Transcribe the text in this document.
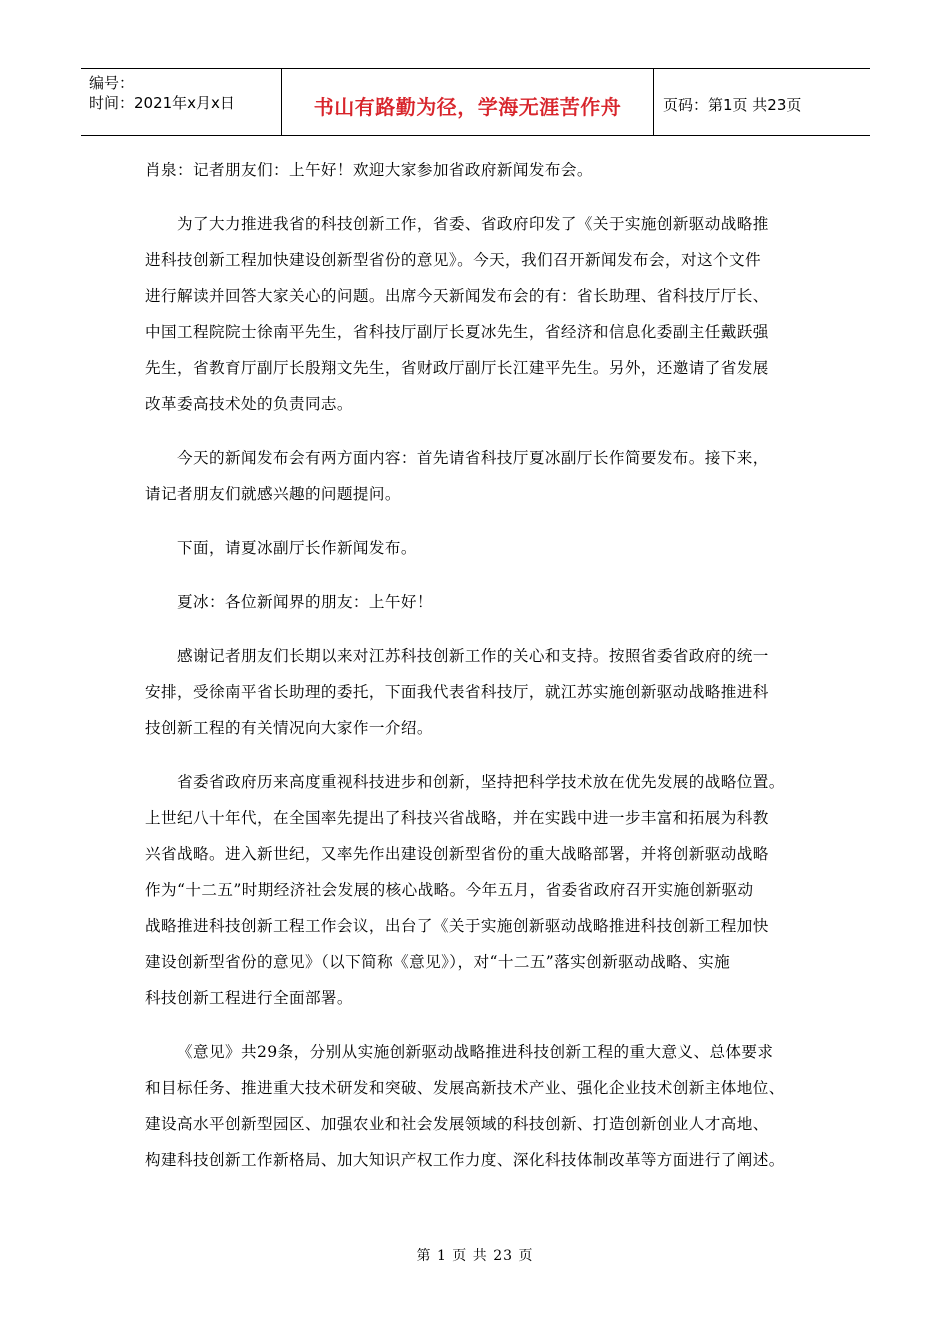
编号：
时间：2021年x月x日	书山有路勤为径，学海无涯苦作舟	页码：第1页 共23页

肖泉：记者朋友们：上午好！欢迎大家参加省政府新闻发布会。

为了大力推进我省的科技创新工作，省委、省政府印发了《关于实施创新驱动战略推
进科技创新工程加快建设创新型省份的意见》。今天，我们召开新闻发布会，对这个文件
进行解读并回答大家关心的问题。出席今天新闻发布会的有：省长助理、省科技厅厅长、
中国工程院院士徐南平先生，省科技厅副厅长夏冰先生，省经济和信息化委副主任戴跃强
先生，省教育厅副厅长殷翔文先生，省财政厅副厅长江建平先生。另外，还邀请了省发展
改革委高技术处的负责同志。

今天的新闻发布会有两方面内容：首先请省科技厅夏冰副厅长作简要发布。接下来，
请记者朋友们就感兴趣的问题提问。

下面，请夏冰副厅长作新闻发布。

夏冰：各位新闻界的朋友：上午好！

感谢记者朋友们长期以来对江苏科技创新工作的关心和支持。按照省委省政府的统一
安排，受徐南平省长助理的委托，下面我代表省科技厅，就江苏实施创新驱动战略推进科
技创新工程的有关情况向大家作一介绍。

省委省政府历来高度重视科技进步和创新，坚持把科学技术放在优先发展的战略位置。
上世纪八十年代，在全国率先提出了科技兴省战略，并在实践中进一步丰富和拓展为科教
兴省战略。进入新世纪，又率先作出建设创新型省份的重大战略部署，并将创新驱动战略
作为“十二五”时期经济社会发展的核心战略。今年五月，省委省政府召开实施创新驱动
战略推进科技创新工程工作会议，出台了《关于实施创新驱动战略推进科技创新工程加快
建设创新型省份的意见》（以下简称《意见》），对“十二五”落实创新驱动战略、实施
科技创新工程进行全面部署。

《意见》共29条，分别从实施创新驱动战略推进科技创新工程的重大意义、总体要求
和目标任务、推进重大技术研发和突破、发展高新技术产业、强化企业技术创新主体地位、
建设高水平创新型园区、加强农业和社会发展领域的科技创新、打造创新创业人才高地、
构建科技创新工作新格局、加大知识产权工作力度、深化科技体制改革等方面进行了阐述。

第 1 页 共 23 页
